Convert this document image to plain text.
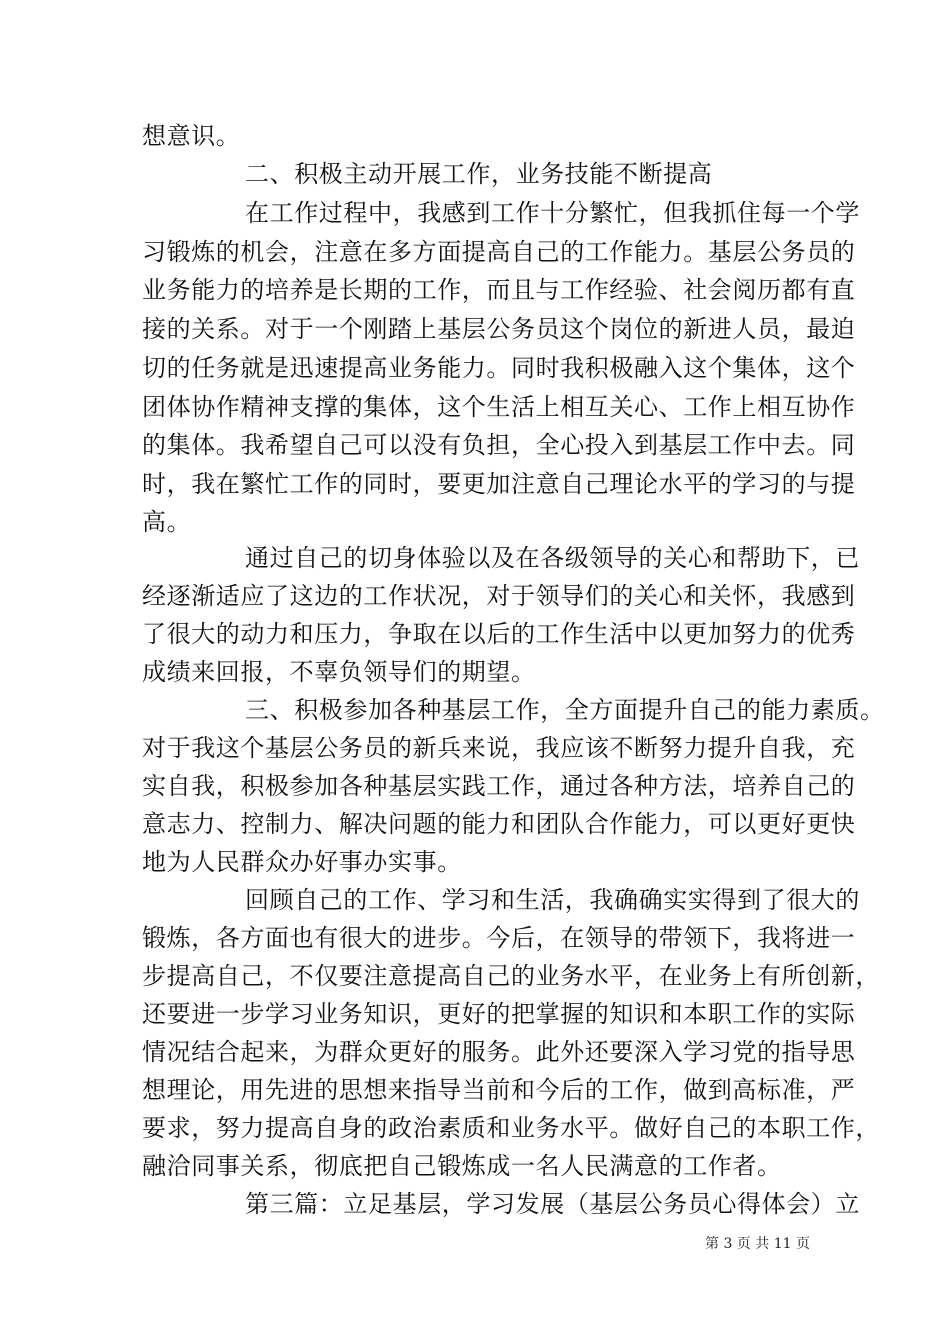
想意识。
二、积极主动开展工作，业务技能不断提高
在工作过程中，我感到工作十分繁忙，但我抓住每一个学
习锻炼的机会，注意在多方面提高自己的工作能力。基层公务员的
业务能力的培养是长期的工作，而且与工作经验、社会阅历都有直
接的关系。对于一个刚踏上基层公务员这个岗位的新进人员，最迫
切的任务就是迅速提高业务能力。同时我积极融入这个集体，这个
团体协作精神支撑的集体，这个生活上相互关心、工作上相互协作
的集体。我希望自己可以没有负担，全心投入到基层工作中去。同
时，我在繁忙工作的同时，要更加注意自己理论水平的学习的与提
高。
通过自己的切身体验以及在各级领导的关心和帮助下，已
经逐渐适应了这边的工作状况，对于领导们的关心和关怀，我感到
了很大的动力和压力，争取在以后的工作生活中以更加努力的优秀
成绩来回报，不辜负领导们的期望。
三、积极参加各种基层工作，全方面提升自己的能力素质。
对于我这个基层公务员的新兵来说，我应该不断努力提升自我，充
实自我，积极参加各种基层实践工作，通过各种方法，培养自己的
意志力、控制力、解决问题的能力和团队合作能力，可以更好更快
地为人民群众办好事办实事。
回顾自己的工作、学习和生活，我确确实实得到了很大的
锻炼，各方面也有很大的进步。今后，在领导的带领下，我将进一
步提高自己，不仅要注意提高自己的业务水平，在业务上有所创新，
还要进一步学习业务知识，更好的把掌握的知识和本职工作的实际
情况结合起来，为群众更好的服务。此外还要深入学习党的指导思
想理论，用先进的思想来指导当前和今后的工作，做到高标准，严
要求，努力提高自身的政治素质和业务水平。做好自己的本职工作，
融洽同事关系，彻底把自己锻炼成一名人民满意的工作者。
第三篇：立足基层，学习发展（基层公务员心得体会）立
第 3 页 共 11 页
